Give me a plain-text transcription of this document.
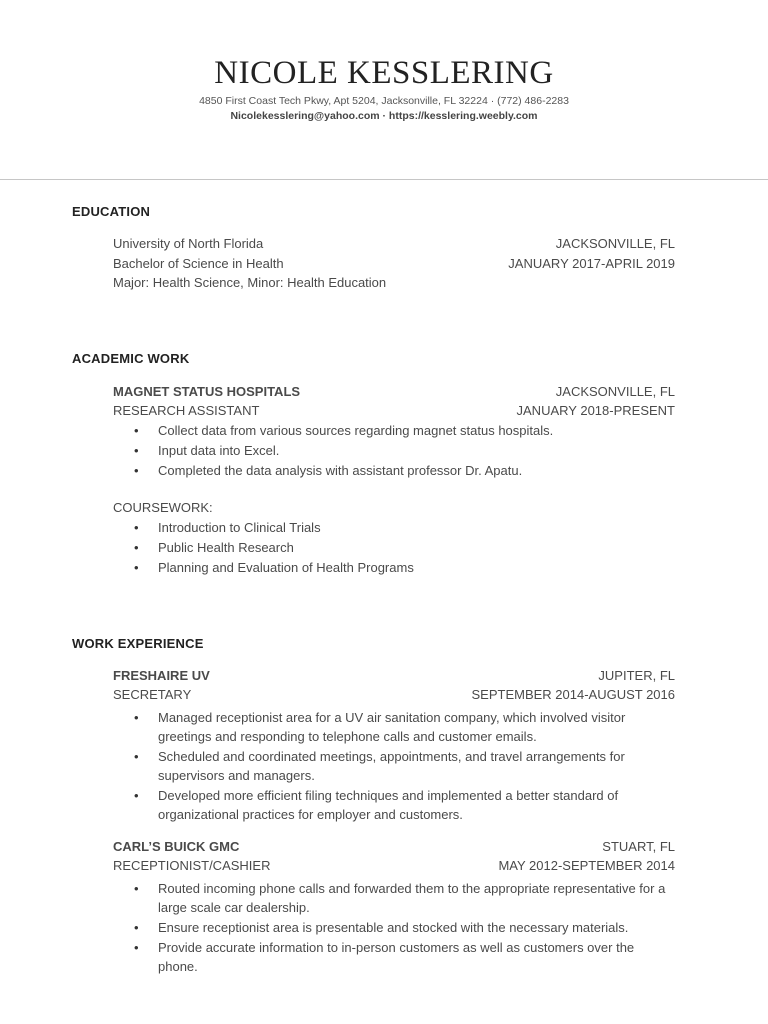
NICOLE KESSLERING
4850 First Coast Tech Pkwy, Apt 5204, Jacksonville, FL 32224 · (772) 486-2283
Nicolekesslering@yahoo.com · https://kesslering.weebly.com
EDUCATION
University of North Florida	JACKSONVILLE, FL
Bachelor of Science in Health	JANUARY 2017-APRIL 2019
Major: Health Science, Minor: Health Education
ACADEMIC WORK
MAGNET STATUS HOSPITALS	JACKSONVILLE, FL
RESEARCH ASSISTANT	JANUARY 2018-PRESENT
• Collect data from various sources regarding magnet status hospitals.
• Input data into Excel.
• Completed the data analysis with assistant professor Dr. Apatu.
COURSEWORK:
• Introduction to Clinical Trials
• Public Health Research
• Planning and Evaluation of Health Programs
WORK EXPERIENCE
FRESHAIRE UV	JUPITER, FL
SECRETARY	SEPTEMBER 2014-AUGUST 2016
• Managed receptionist area for a UV air sanitation company, which involved visitor greetings and responding to telephone calls and customer emails.
• Scheduled and coordinated meetings, appointments, and travel arrangements for supervisors and managers.
• Developed more efficient filing techniques and implemented a better standard of organizational practices for employer and customers.
CARL’S BUICK GMC	STUART, FL
RECEPTIONIST/CASHIER	MAY 2012-SEPTEMBER 2014
• Routed incoming phone calls and forwarded them to the appropriate representative for a large scale car dealership.
• Ensure receptionist area is presentable and stocked with the necessary materials.
• Provide accurate information to in-person customers as well as customers over the phone.
